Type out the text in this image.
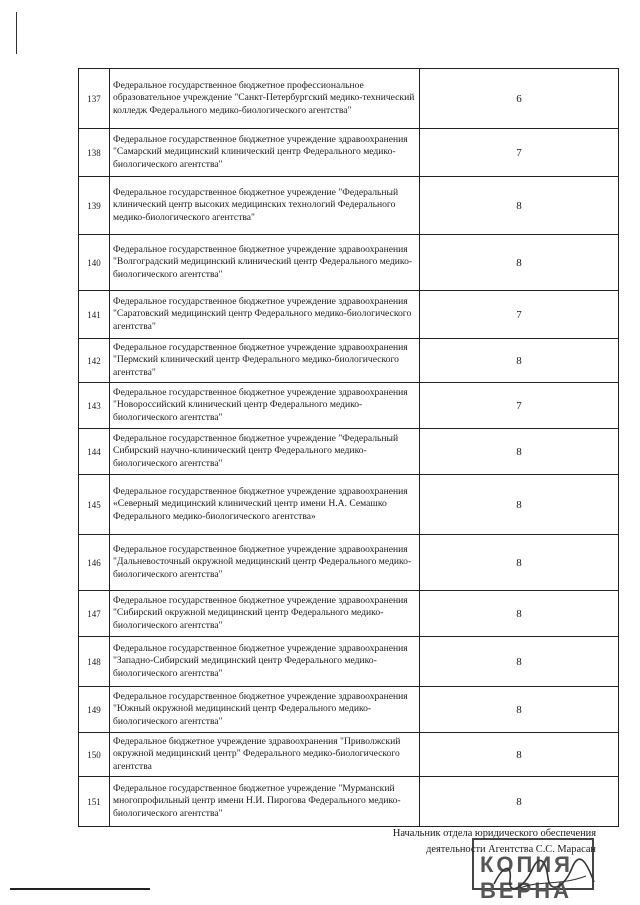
137	Федеральное государственное бюджетное профессиональное образовательное учреждение "Санкт-Петербургский медико-технический колледж Федерального медико-биологического агентства"	6
138	Федеральное государственное бюджетное учреждение здравоохранения "Самарский медицинский клинический центр Федерального медико-биологического агентства"	7
139	Федеральное государственное бюджетное учреждение "Федеральный клинический центр высоких медицинских технологий Федерального медико-биологического агентства"	8
140	Федеральное государственное бюджетное учреждение здравоохранения "Волгоградский медицинский клинический центр Федерального медико-биологического агентства"	8
141	Федеральное государственное бюджетное учреждение здравоохранения "Саратовский медицинский центр Федерального медико-биологического агентства"	7
142	Федеральное государственное бюджетное учреждение здравоохранения "Пермский клинический центр Федерального медико-биологического агентства"	8
143	Федеральное государственное бюджетное учреждение здравоохранения "Новороссийский клинический центр Федерального медико-биологического агентства"	7
144	Федеральное государственное бюджетное учреждение "Федеральный Сибирский научно-клинический центр Федерального медико-биологического агентства"	8
145	Федеральное государственное бюджетное учреждение здравоохранения «Северный медицинский клинический центр имени Н.А. Семашко Федерального медико-биологического агентства»	8
146	Федеральное государственное бюджетное учреждение здравоохранения "Дальневосточный окружной медицинский центр Федерального медико-биологического агентства"	8
147	Федеральное государственное бюджетное учреждение здравоохранения "Сибирский окружной медицинский центр Федерального медико-биологического агентства"	8
148	Федеральное государственное бюджетное учреждение здравоохранения "Западно-Сибирский медицинский центр Федерального медико-биологического агентства"	8
149	Федеральное государственное бюджетное учреждение здравоохранения "Южный окружной медицинский центр Федерального медико-биологического агентства"	8
150	Федеральное бюджетное учреждение здравоохранения "Приволжский окружной медицинский центр" Федерального медико-биологического агентства	8
151	Федеральное государственное бюджетное учреждение "Мурманский многопрофильный центр имени Н.И. Пирогова Федерального медико-биологического агентства"	8
КОПИЯ ВЕРНА
Начальник отдела юридического обеспечения
деятельности Агентства С.С. Марасан
